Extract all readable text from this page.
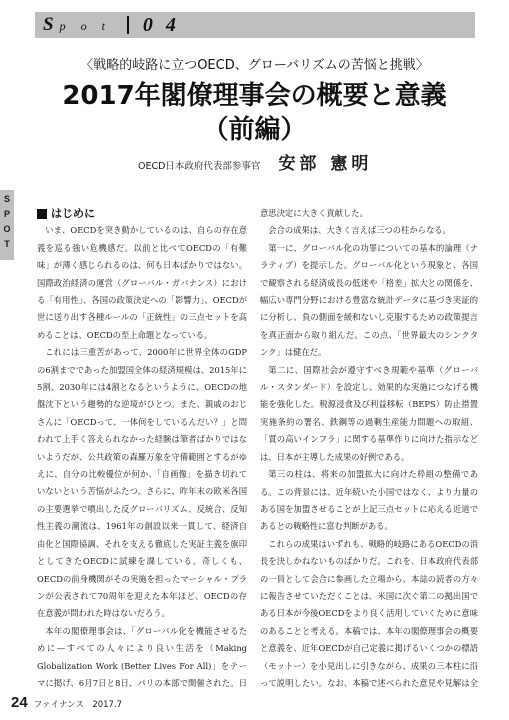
Sp o t 0 4
S
P
O
T
〈戦略的岐路に立つOECD、グローバリズムの苦悩と挑戦〉
2017年閣僚理事会の概要と意義
（前編）
OECD日本政府代表部参事官 安部 憲明
はじめに

いま、OECDを突き動かしているのは、自らの存在意義を巡る強い危機感だ。以前と比べてOECDの「有難味」が薄く感じられるのは、何も日本ばかりではない。国際政治経済の運営（グローバル・ガバナンス）における「有用性」、各国の政策決定への「影響力」、OECDが世に送り出す各種ルールの「正統性」の三点セットを高めることは、OECDの至上命題となっている。

これには三重苦があって、2000年に世界全体のGDPの6割までであった加盟国全体の経済規模は、2015年に5割、2030年には4割となるというように、OECDの地盤沈下という趨勢的な逆境がひとつ。また、親戚のおじさんに「OECDって、一体何をしているんだい？」と問われて上手く答えられなかった経験は筆者ばかりではないようだが、公共政策の森羅万象を守備範囲とするがゆえに、自分の比較優位が何か、「自画像」を描き切れていないという苦悩がふたつ。さらに、昨年末の欧米各国の主要選挙で噴出した反グローバリズム、反統合、反知性主義の潮流は、1961年の創設以来一貫して、経済自由化と国際協調、それを支える徹底した実証主義を旗印としてきたOECDに試練を課している。奇しくも、OECDの前身機関がその実施を担ったマーシャル・プランが公表されて70周年を迎えた本年ほど、OECDの存在意義が問われた時はないだろう。

本年の閣僚理事会は、「グローバル化を機能させるために—すべての人々により良い生活を（Making Globalization Work (Better Lives For All)」をテーマに掲げ、6月7日と8日、パリの本部で開催された。日

意思決定に大きく貢献した。

会合の成果は、大きく言えば三つの柱からなる。

第一に、グローバル化の功罪についての基本的論理（ナラティブ）を提示した。グローバル化という現象と、各国で観察される経済成長の低迷や「格差」拡大との関係を、幅広い専門分野における豊富な統計データに基づき実証的に分析し、負の側面を緩和ないし克服するための政策提言を真正面から取り組んだ。この点、「世界最大のシンクタンク」は健在だ。

第二に、国際社会が遵守すべき規範や基準（グローバル・スタンダード）を設定し、効果的な実施につなげる機能を強化した。税源浸食及び利益移転（BEPS）防止措置実施条約の署名、鉄鋼等の過剰生産能力問題への取組、「質の高いインフラ」に関する基準作りに向けた指示などは、日本が主導した成果の好例である。

第三の柱は、将来の加盟拡大に向けた枠組の整備である。この背景には、近年続いた小国ではなく、より力量のある国を加盟させることが上記三点セットに応える近道であるとの戦略性に富む判断がある。

これらの成果はいずれも、戦略的岐路にあるOECDの消長を決しかねないものばかりだ。これを、日本政府代表部の一員として会合に参画した立場から、本誌の読者の方々に報告させていただくことは、米国に次ぐ第二の拠出国である日本が今後OECDをより良く活用していくために意味のあることと考える。本稿では、本年の閣僚理事会の概要と意義を、近年OECDが自己定義に掲げるいくつかの標語（モットー）を小見出しに引きながら、成果の三本柱に沿って説明したい。なお、本稿で述べられた意見や見解は全

24 ファイナンス　2017.7
